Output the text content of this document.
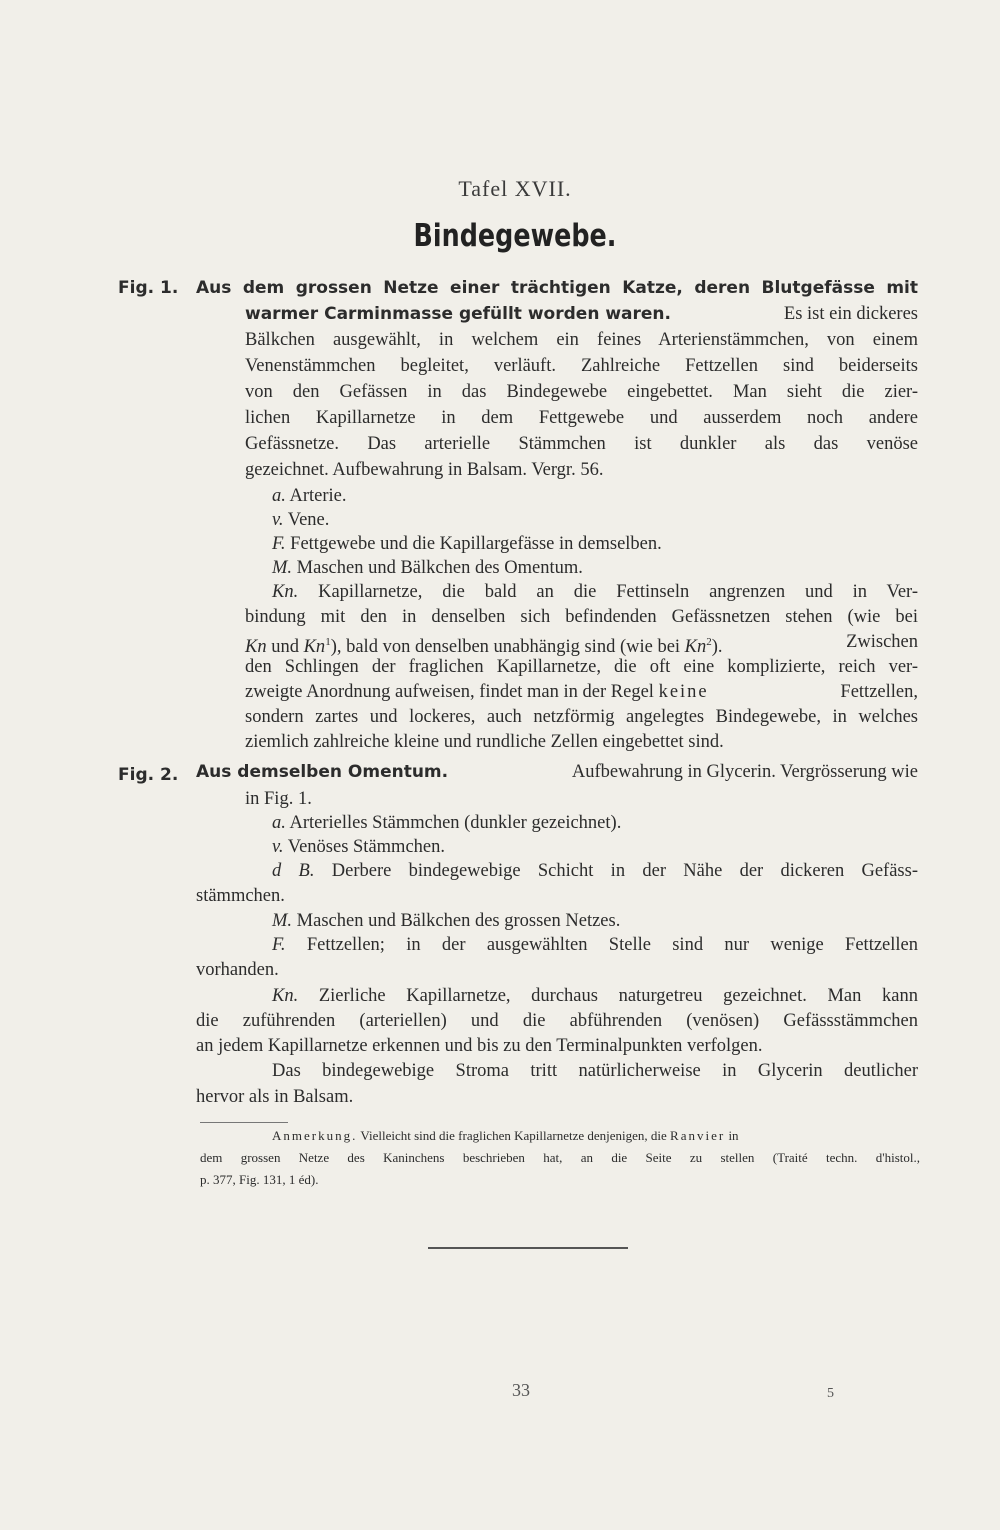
Tafel XVII.
Bindegewebe.
Fig. 1. Aus dem grossen Netze einer trächtigen Katze, deren Blutgefässe mit
warmer Carminmasse gefüllt worden waren.	Es ist ein dickeres
Bälkchen ausgewählt, in welchem ein feines Arterienstämmchen, von einem
Venenstämmchen begleitet, verläuft. Zahlreiche Fettzellen sind beiderseits
von den Gefässen in das Bindegewebe eingebettet. Man sieht die zier-
lichen Kapillarnetze in dem Fettgewebe und ausserdem noch andere
Gefässnetze. Das arterielle Stämmchen ist dunkler als das venöse
gezeichnet. Aufbewahrung in Balsam. Vergr. 56.
a. Arterie.
v. Vene.
F. Fettgewebe und die Kapillargefässe in demselben.
M. Maschen und Bälkchen des Omentum.
Kn. Kapillarnetze, die bald an die Fettinseln angrenzen und in Ver-
bindung mit den in denselben sich befindenden Gefässnetzen stehen (wie bei
Kn und Kn$^1$), bald von denselben unabhängig sind (wie bei Kn$^2$).	Zwischen
den Schlingen der fraglichen Kapillarnetze, die oft eine komplizierte, reich ver-
zweigte Anordnung aufweisen, findet man in der Regel keine	Fettzellen,
sondern zartes und lockeres, auch netzförmig angelegtes Bindegewebe, in welches
ziemlich zahlreiche kleine und rundliche Zellen eingebettet sind.
Fig. 2. Aus demselben Omentum.	Aufbewahrung in Glycerin. Vergrösserung wie
in Fig. 1.
a. Arterielles Stämmchen (dunkler gezeichnet).
v. Venöses Stämmchen.
d B. Derbere bindegewebige Schicht in der Nähe der dickeren Gefäss-
stämmchen.
M. Maschen und Bälkchen des grossen Netzes.
F. Fettzellen; in der ausgewählten Stelle sind nur wenige Fettzellen
vorhanden.
Kn. Zierliche Kapillarnetze, durchaus naturgetreu gezeichnet. Man kann
die zuführenden (arteriellen) und die abführenden (venösen) Gefässstämmchen
an jedem Kapillarnetze erkennen und bis zu den Terminalpunkten verfolgen.
Das bindegewebige Stroma tritt natürlicherweise in Glycerin deutlicher
hervor als in Balsam.
Anmerkung. Vielleicht sind die fraglichen Kapillarnetze denjenigen, die Ranvier in
dem grossen Netze des Kaninchens beschrieben hat, an die Seite zu stellen (Traité techn. d'histol.,
p. 377, Fig. 131, 1 éd).
33	5
